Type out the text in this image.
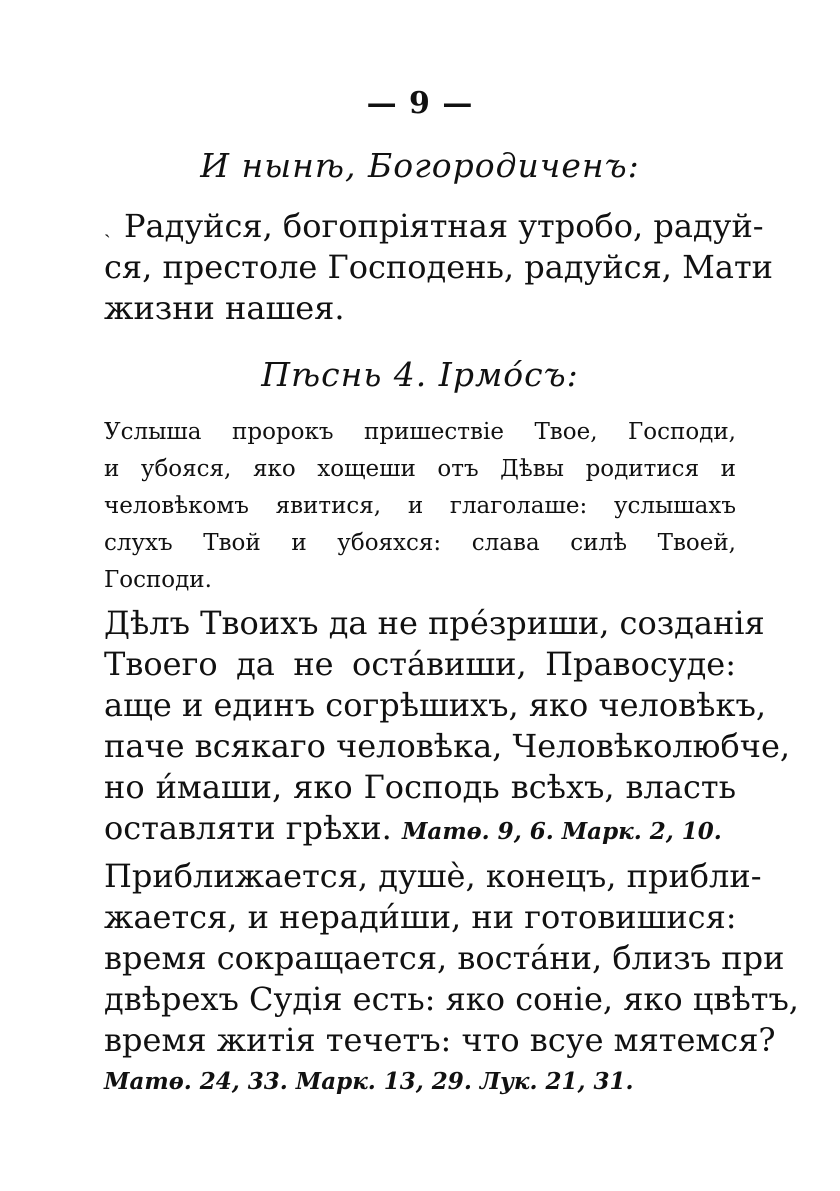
— 9 —
И нынѣ, Богородиченъ:
ˏ Радуйся, богопріятная утробо, радуй-
ся, престоле Господень, радуйся, Мати
жизни нашея.
Пѣснь 4. Ірмо́съ:
Услыша пророкъ пришествіе Твое, Господи,
и убояся, яко хощеши отъ Дѣвы родитися и
человѣкомъ явитися, и глаголаше: услышахъ
слухъ Твой и убояхся: слава силѣ Твоей,
Господи.
Дѣлъ Твоихъ да не пре́зриши, созданія
Твоего да не оста́виши, Правосуде:
аще и единъ согрѣшихъ, яко человѣкъ,
паче всякаго человѣка, Человѣколюбче,
но и́маши, яко Господь всѣхъ, власть
оставляти грѣхи. Матѳ. 9, 6. Марк. 2, 10.
Приближается, душѐ, конецъ, прибли-
жается, и неради́ши, ни готовишися:
время сокращается, воста́ни, близъ при
двѣрехъ Судія есть: яко соніе, яко цвѣтъ,
время житія течетъ: что всуе мятемся?
Матѳ. 24, 33. Марк. 13, 29. Лук. 21, 31.
